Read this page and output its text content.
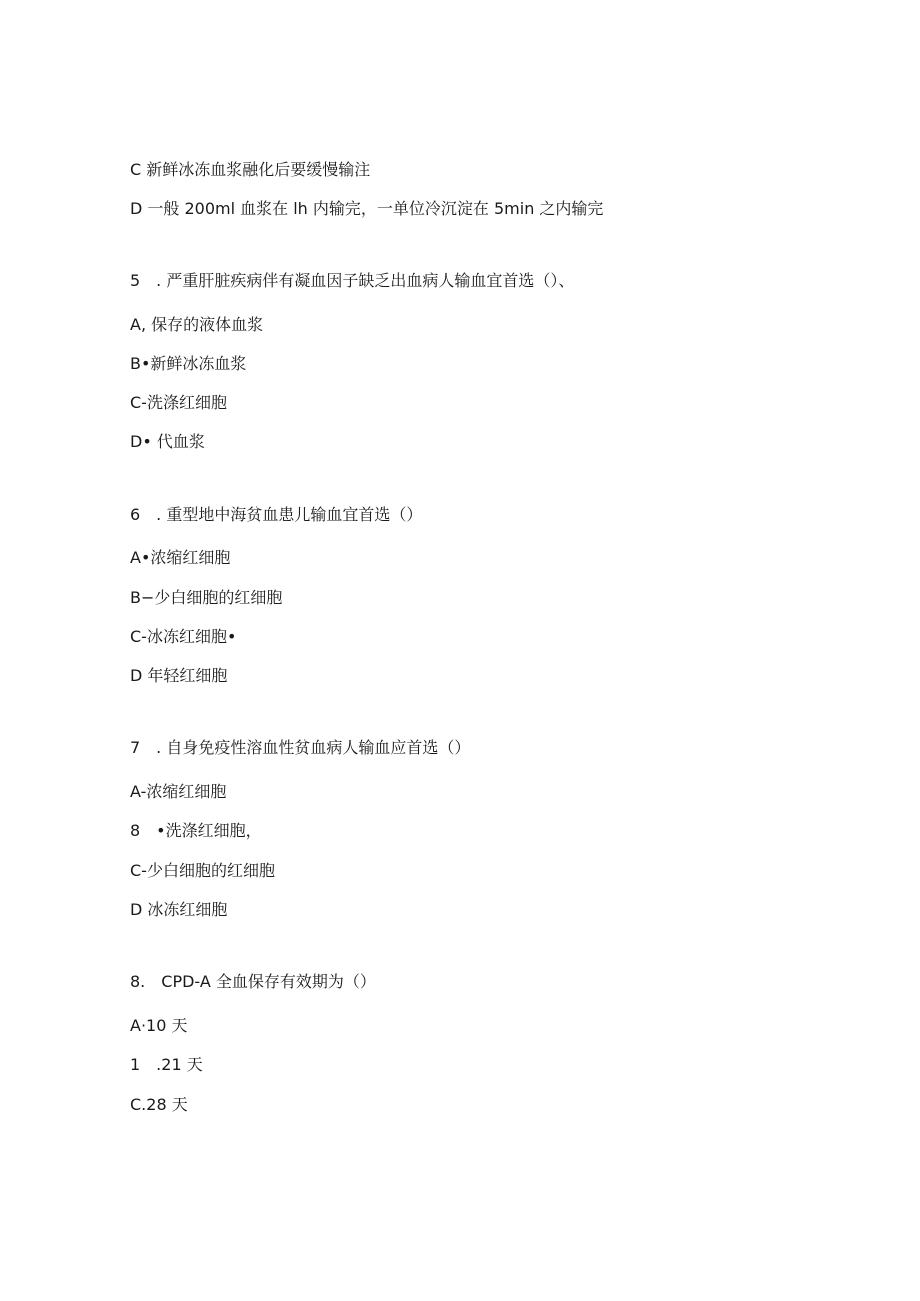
C 新鲜冰冻血浆融化后要缓慢输注
D 一般 200ml 血浆在 lh 内输完，一单位冷沉淀在 5min 之内输完
5　. 严重肝脏疾病伴有凝血因子缺乏出血病人输血宜首选（）、
A, 保存的液体血浆
B•新鲜冰冻血浆
C-洗涤红细胞
D• 代血浆
6　. 重型地中海贫血患儿输血宜首选（）
A•浓缩红细胞
B−少白细胞的红细胞
C-冰冻红细胞•
D 年轻红细胞
7　. 自身免疫性溶血性贫血病人输血应首选（）
A-浓缩红细胞
8　•洗涤红细胞，
C-少白细胞的红细胞
D 冰冻红细胞
8.　CPD-A 全血保存有效期为（）
A·10 天
1　.21 天
C.28 天
